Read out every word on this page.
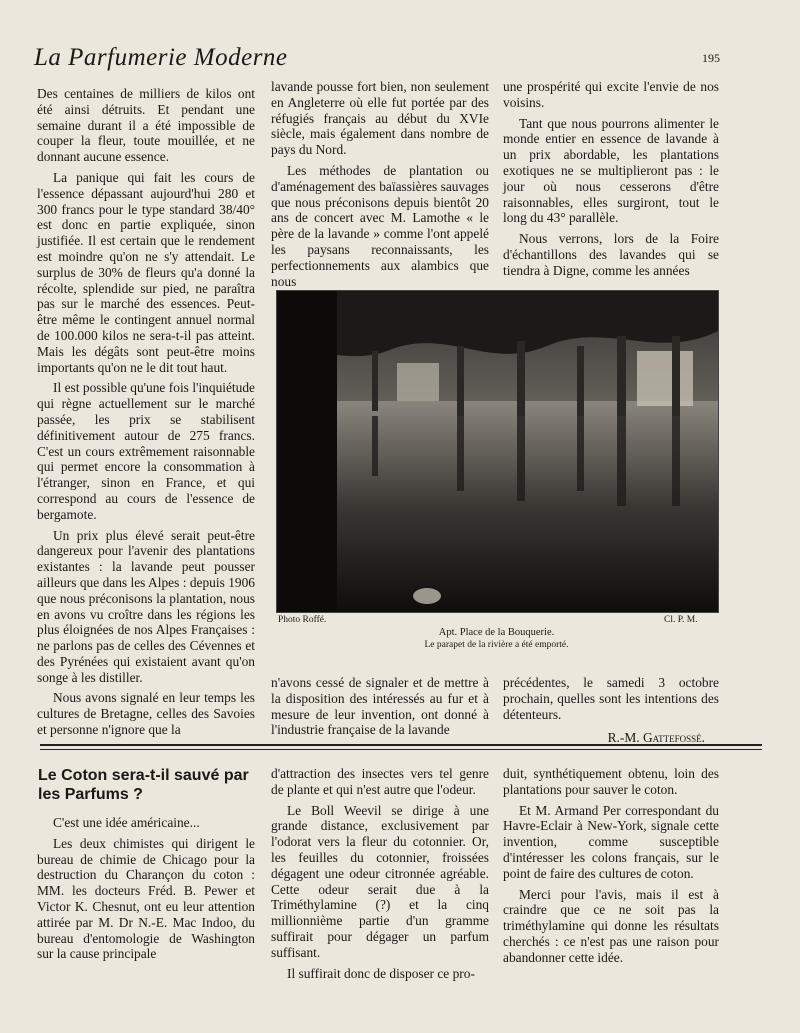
La Parfumerie Moderne	195

Des centaines de milliers de kilos ont été ainsi détruits. Et pendant une semaine durant il a été impossible de couper la fleur, toute mouillée, et ne donnant aucune essence.

La panique qui fait les cours de l'essence dépassant aujourd'hui 280 et 300 francs pour le type standard 38/40° est donc en partie expliquée, sinon justifiée. Il est certain que le rendement est moindre qu'on ne s'y attendait. Le surplus de 30% de fleurs qu'a donné la récolte, splendide sur pied, ne paraîtra pas sur le marché des essences. Peut-être même le contingent annuel normal de 100.000 kilos ne sera-t-il pas atteint. Mais les dégâts sont peut-être moins importants qu'on ne le dit tout haut.

Il est possible qu'une fois l'inquiétude qui règne actuellement sur le marché passée, les prix se stabilisent définitivement autour de 275 francs. C'est un cours extrêmement raisonnable qui permet encore la consommation à l'étranger, sinon en France, et qui correspond au cours de l'essence de bergamote.

Un prix plus élevé serait peut-être dangereux pour l'avenir des plantations existantes : la lavande peut pousser ailleurs que dans les Alpes : depuis 1906 que nous préconisons la plantation, nous en avons vu croître dans les régions les plus éloignées de nos Alpes Françaises : ne parlons pas de celles des Cévennes et des Pyrénées qui existaient avant qu'on songe à les distiller.

Nous avons signalé en leur temps les cultures de Bretagne, celles des Savoies et personne n'ignore que la

lavande pousse fort bien, non seulement en Angleterre où elle fut portée par des réfugiés français au début du XVIe siècle, mais également dans nombre de pays du Nord.

Les méthodes de plantation ou d'aménagement des baïassières sauvages que nous préconisons depuis bientôt 20 ans de concert avec M. Lamothe « le père de la lavande » comme l'ont appelé les paysans reconnaissants, les perfectionnements aux alambics que nous

une prospérité qui excite l'envie de nos voisins.

Tant que nous pourrons alimenter le monde entier en essence de lavande à un prix abordable, les plantations exotiques ne se multiplieront pas : le jour où nous cesserons d'être raisonnables, elles surgiront, tout le long du 43° parallèle.

Nous verrons, lors de la Foire d'échantillons des lavandes qui se tiendra à Digne, comme les années

Photo Roffé.	Cl. P. M.
Apt. Place de la Bouquerie.
Le parapet de la rivière a été emporté.

n'avons cessé de signaler et de mettre à la disposition des intéressés au fur et à mesure de leur invention, ont donné à l'industrie française de la lavande

précédentes, le samedi 3 octobre prochain, quelles sont les intentions des détenteurs.

R.-M. Gattefossé.
Le Coton sera-t-il sauvé par les Parfums ?

C'est une idée américaine...

Les deux chimistes qui dirigent le bureau de chimie de Chicago pour la destruction du Charançon du coton : MM. les docteurs Fréd. B. Pewer et Victor K. Chesnut, ont eu leur attention attirée par M. Dr N.-E. Mac Indoo, du bureau d'entomologie de Washington sur la cause principale

d'attraction des insectes vers tel genre de plante et qui n'est autre que l'odeur.

Le Boll Weevil se dirige à une grande distance, exclusivement par l'odorat vers la fleur du cotonnier. Or, les feuilles du cotonnier, froissées dégagent une odeur citronnée agréable. Cette odeur serait due à la Triméthylamine (?) et la cinq millionnième partie d'un gramme suffirait pour dégager un parfum suffisant.

Il suffirait donc de disposer ce pro-

duit, synthétiquement obtenu, loin des plantations pour sauver le coton.

Et M. Armand Per correspondant du Havre-Eclair à New-York, signale cette invention, comme susceptible d'intéresser les colons français, sur le point de faire des cultures de coton.

Merci pour l'avis, mais il est à craindre que ce ne soit pas la triméthylamine qui donne les résultats cherchés : ce n'est pas une raison pour abandonner cette idée.
